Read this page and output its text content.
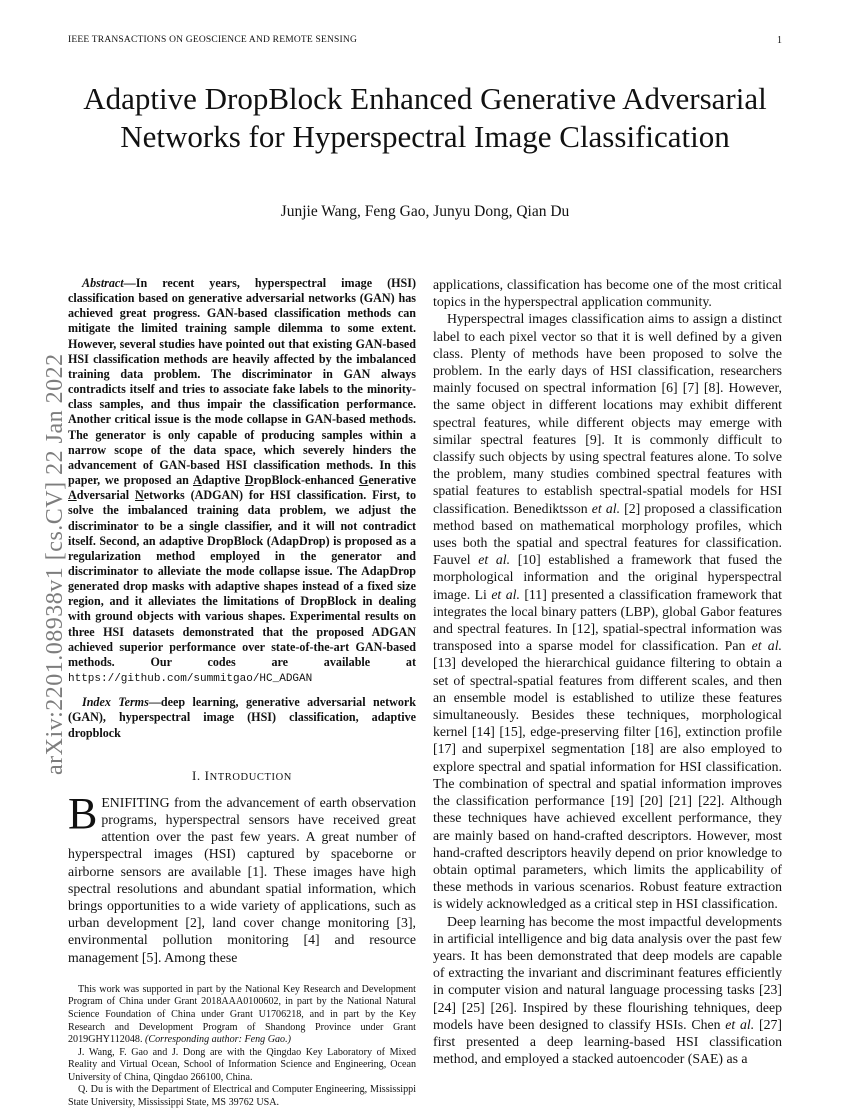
IEEE TRANSACTIONS ON GEOSCIENCE AND REMOTE SENSING	1
Adaptive DropBlock Enhanced Generative Adversarial Networks for Hyperspectral Image Classification
Junjie Wang, Feng Gao, Junyu Dong, Qian Du
arXiv:2201.08938v1 [cs.CV] 22 Jan 2022

Abstract—In recent years, hyperspectral image (HSI) classification based on generative adversarial networks (GAN) has achieved great progress. GAN-based classification methods can mitigate the limited training sample dilemma to some extent. However, several studies have pointed out that existing GAN-based HSI classification methods are heavily affected by the imbalanced training data problem. The discriminator in GAN always contradicts itself and tries to associate fake labels to the minority-class samples, and thus impair the classification performance. Another critical issue is the mode collapse in GAN-based methods. The generator is only capable of producing samples within a narrow scope of the data space, which severely hinders the advancement of GAN-based HSI classification methods. In this paper, we proposed an Adaptive DropBlock-enhanced Generative Adversarial Networks (ADGAN) for HSI classification. First, to solve the imbalanced training data problem, we adjust the discriminator to be a single classifier, and it will not contradict itself. Second, an adaptive DropBlock (AdapDrop) is proposed as a regularization method employed in the generator and discriminator to alleviate the mode collapse issue. The AdapDrop generated drop masks with adaptive shapes instead of a fixed size region, and it alleviates the limitations of DropBlock in dealing with ground objects with various shapes. Experimental results on three HSI datasets demonstrated that the proposed ADGAN achieved superior performance over state-of-the-art GAN-based methods. Our codes are available at https://github.com/summitgao/HC_ADGAN

Index Terms—deep learning, generative adversarial network (GAN), hyperspectral image (HSI) classification, adaptive dropblock

I. INTRODUCTION

BENIFITING from the advancement of earth observation programs, hyperspectral sensors have received great attention over the past few years. A great number of hyperspectral images (HSI) captured by spaceborne or airborne sensors are available [1]. These images have high spectral resolutions and abundant spatial information, which brings opportunities to a wide variety of applications, such as urban development [2], land cover change monitoring [3], environmental pollution monitoring [4] and resource management [5]. Among these

This work was supported in part by the National Key Research and Development Program of China under Grant 2018AAA0100602, in part by the National Natural Science Foundation of China under Grant U1706218, and in part by the Key Research and Development Program of Shandong Province under Grant 2019GHY112048. (Corresponding author: Feng Gao.)

J. Wang, F. Gao and J. Dong are with the Qingdao Key Laboratory of Mixed Reality and Virtual Ocean, School of Information Science and Engineering, Ocean University of China, Qingdao 266100, China.

Q. Du is with the Department of Electrical and Computer Engineering, Mississippi State University, Mississippi State, MS 39762 USA.

applications, classification has become one of the most critical topics in the hyperspectral application community.

Hyperspectral images classification aims to assign a distinct label to each pixel vector so that it is well defined by a given class. Plenty of methods have been proposed to solve the problem. In the early days of HSI classification, researchers mainly focused on spectral information [6] [7] [8]. However, the same object in different locations may exhibit different spectral features, while different objects may emerge with similar spectral features [9]. It is commonly difficult to classify such objects by using spectral features alone. To solve the problem, many studies combined spectral features with spatial features to establish spectral-spatial models for HSI classification. Benediktsson et al. [2] proposed a classification method based on mathematical morphology profiles, which uses both the spatial and spectral features for classification. Fauvel et al. [10] established a framework that fused the morphological information and the original hyperspectral image. Li et al. [11] presented a classification framework that integrates the local binary patters (LBP), global Gabor features and spectral features. In [12], spatial-spectral information was transposed into a sparse model for classification. Pan et al. [13] developed the hierarchical guidance filtering to obtain a set of spectral-spatial features from different scales, and then an ensemble model is established to utilize these features simultaneously. Besides these techniques, morphological kernel [14] [15], edge-preserving filter [16], extinction profile [17] and superpixel segmentation [18] are also employed to explore spectral and spatial information for HSI classification. The combination of spectral and spatial information improves the classification performance [19] [20] [21] [22]. Although these techniques have achieved excellent performance, they are mainly based on hand-crafted descriptors. However, most hand-crafted descriptors heavily depend on prior knowledge to obtain optimal parameters, which limits the applicability of these methods in various scenarios. Robust feature extraction is widely acknowledged as a critical step in HSI classification.

Deep learning has become the most impactful developments in artificial intelligence and big data analysis over the past few years. It has been demonstrated that deep models are capable of extracting the invariant and discriminant features efficiently in computer vision and natural language processing tasks [23] [24] [25] [26]. Inspired by these flourishing tehniques, deep models have been designed to classify HSIs. Chen et al. [27] first presented a deep learning-based HSI classification method, and employed a stacked autoencoder (SAE) as a
